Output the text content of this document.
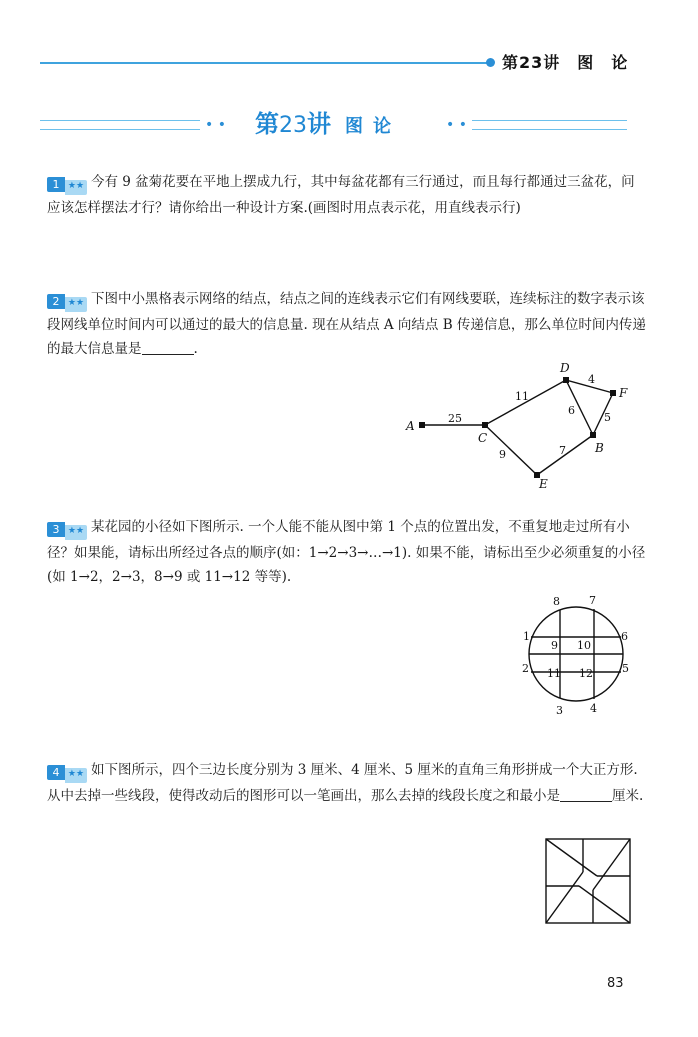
第23讲　图　论
• • 第23讲 图论	• •
1 ★★ 今有 9 盆菊花要在平地上摆成九行，其中每盆花都有三行通过，而且每行都通过三盆花，问应该怎样摆法才行？请你给出一种设计方案.(画图时用点表示花，用直线表示行)
2 ★★ 下图中小黑格表示网络的结点，结点之间的连线表示它们有网线要联，连续标注的数字表示该段网线单位时间内可以通过的最大的信息量. 现在从结点 A 向结点 B 传递信息，那么单位时间内传递的最大信息量是	.
A
C
D
F
B
E
25
11
4
6
5
7
9
3 ★★ 某花园的小径如下图所示. 一个人能不能从图中第 1 个点的位置出发，不重复地走过所有小径？如果能，请标出所经过各点的顺序(如：1→2→3→…→1). 如果不能，请标出至少必须重复的小径(如 1→2，2→3，8→9 或 11→12 等等).
8	7
1
9 10
6
2 11 12	5
3 4
4 ★★ 如下图所示，四个三边长度分别为 3 厘米、4 厘米、5 厘米的直角三角形拼成一个大正方形. 从中去掉一些线段，使得改动后的图形可以一笔画出，那么去掉的线段长度之和最小是	厘米.
83
